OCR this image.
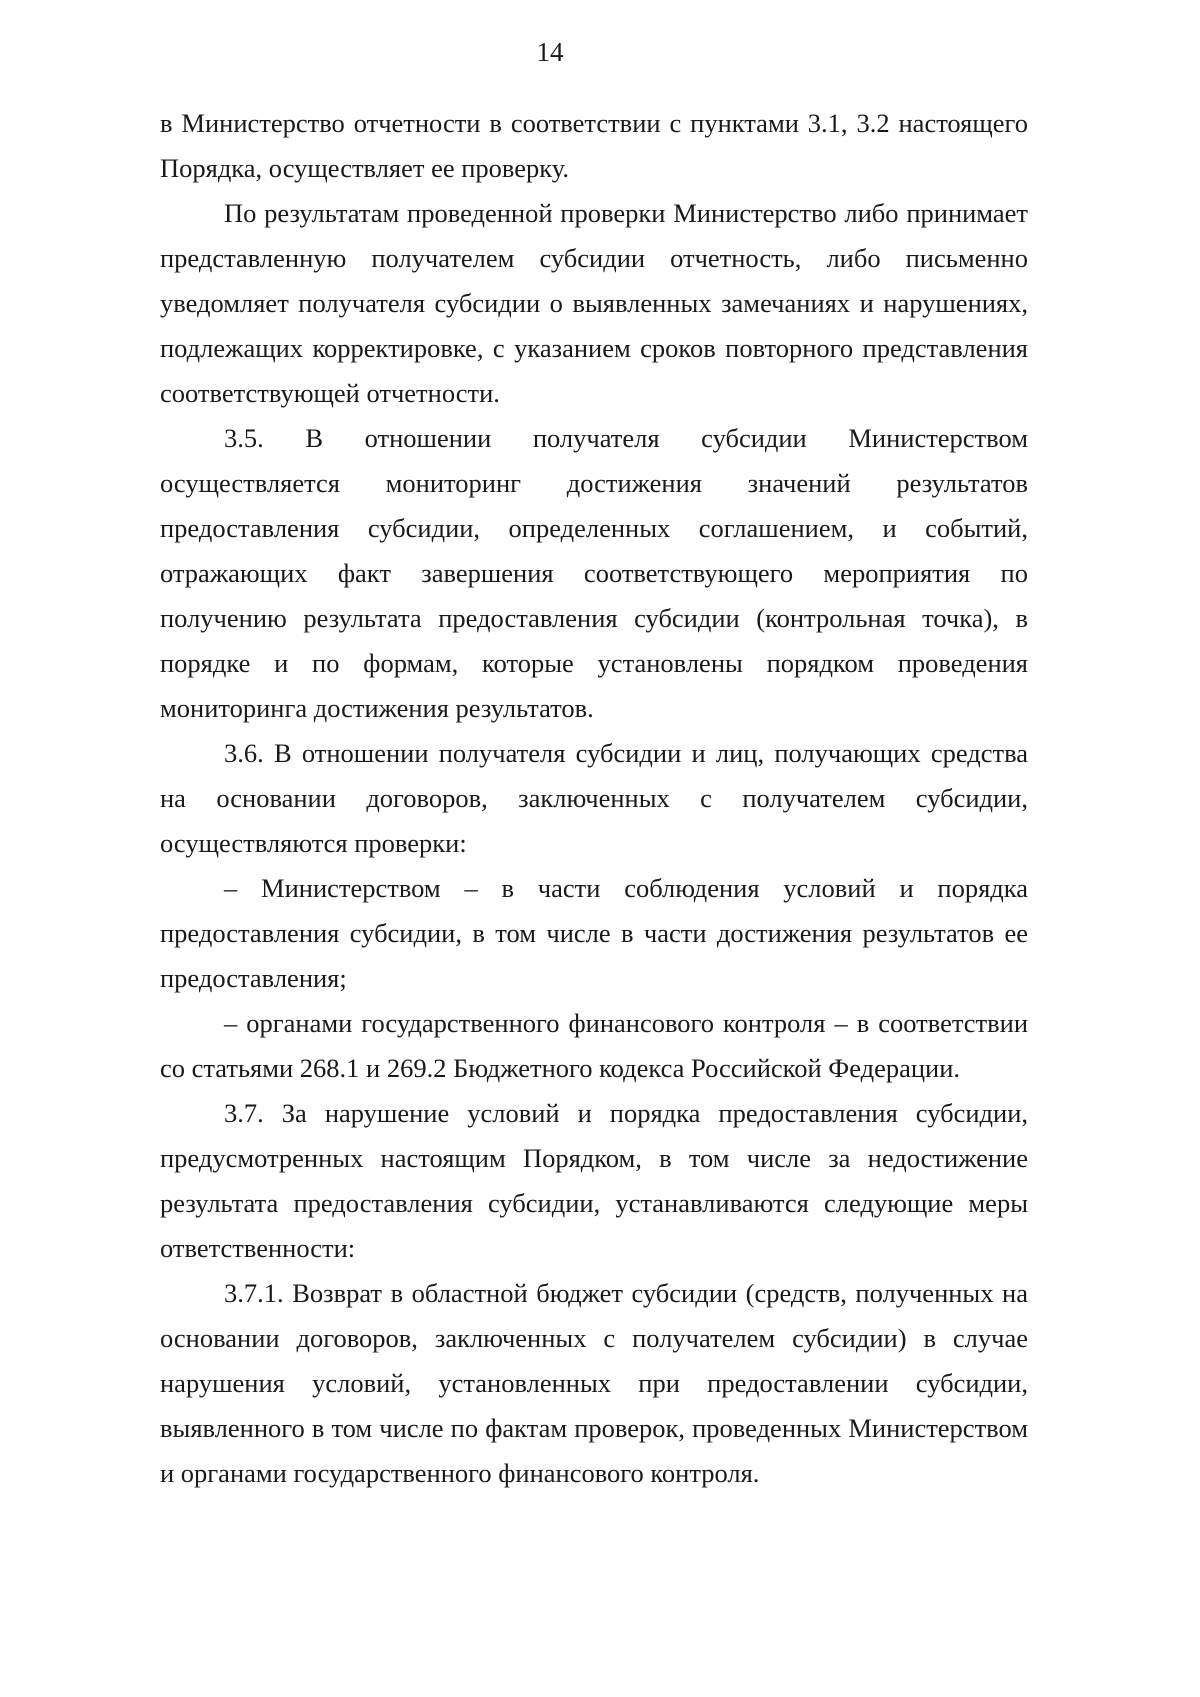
14

в Министерство отчетности в соответствии с пунктами 3.1, 3.2 настоящего Порядка, осуществляет ее проверку.

По результатам проведенной проверки Министерство либо принимает представленную получателем субсидии отчетность, либо письменно уведомляет получателя субсидии о выявленных замечаниях и нарушениях, подлежащих корректировке, с указанием сроков повторного представления соответствующей отчетности.

3.5. В отношении получателя субсидии Министерством осуществляется мониторинг достижения значений результатов предоставления субсидии, определенных соглашением, и событий, отражающих факт завершения соответствующего мероприятия по получению результата предоставления субсидии (контрольная точка), в порядке и по формам, которые установлены порядком проведения мониторинга достижения результатов.

3.6. В отношении получателя субсидии и лиц, получающих средства на основании договоров, заключенных с получателем субсидии, осуществляются проверки:

– Министерством – в части соблюдения условий и порядка предоставления субсидии, в том числе в части достижения результатов ее предоставления;

– органами государственного финансового контроля – в соответствии со статьями 268.1 и 269.2 Бюджетного кодекса Российской Федерации.

3.7. За нарушение условий и порядка предоставления субсидии, предусмотренных настоящим Порядком, в том числе за недостижение результата предоставления субсидии, устанавливаются следующие меры ответственности:

3.7.1. Возврат в областной бюджет субсидии (средств, полученных на основании договоров, заключенных с получателем субсидии) в случае нарушения условий, установленных при предоставлении субсидии, выявленного в том числе по фактам проверок, проведенных Министерством и органами государственного финансового контроля.
